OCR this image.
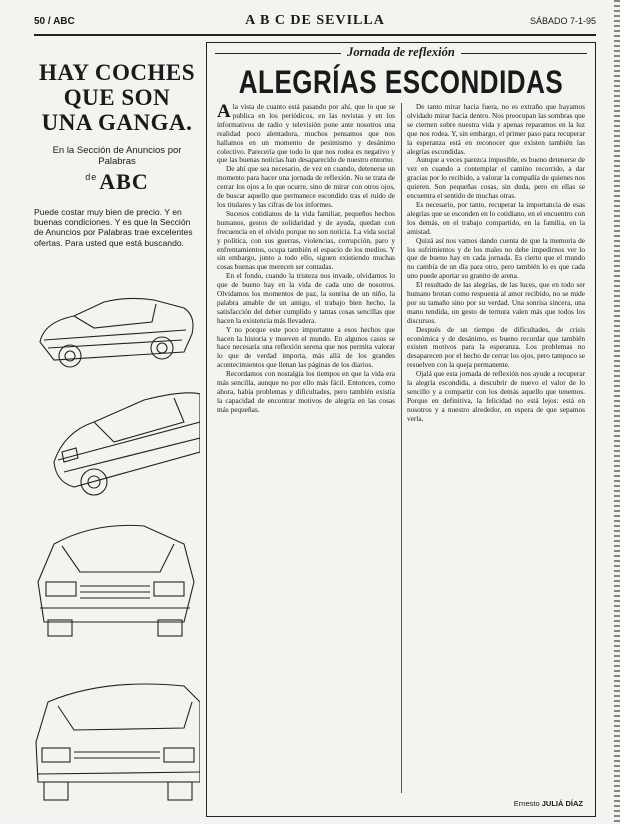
50 / ABC	A B C DE SEVILLA	SÁBADO 7-1-95
HAY COCHES
QUE SON
UNA GANGA.
En la Sección de Anuncios por Palabras
$^{de}$ABC
Puede costar muy bien de precio. Y en buenas condiciones. Y es que la Sección de Anuncios por Palabras trae excelentes ofertas. Para usted que está buscando.
Jornada de reflexión
ALEGRÍAS ESCONDIDAS

Ala vista de cuanto está pasando por ahí, que lo que se publica en los periódicos, en las revistas y en los informativos de radio y televisión pone ante nosotros una realidad poco alentadora, muchos pensamos que nos hallamos en un momento de pesimismo y desánimo colectivo. Parecería que todo lo que nos rodea es negativo y que las buenas noticias han desaparecido de nuestro entorno.

De ahí que sea necesario, de vez en cuando, detenerse un momento para hacer una jornada de reflexión. No se trata de cerrar los ojos a lo que ocurre, sino de mirar con otros ojos, de buscar aquello que permanece escondido tras el ruido de los titulares y las cifras de los informes.

Sucesos cotidianos de la vida familiar, pequeños hechos humanos, gestos de solidaridad y de ayuda, quedan con frecuencia en el olvido porque no son noticia. La vida social y política, con sus guerras, violencias, corrupción, paro y enfrentamientos, ocupa también el espacio de los medios. Y sin embargo, junto a todo ello, siguen existiendo muchas cosas buenas que merecen ser contadas.

En el fondo, cuando la tristeza nos invade, olvidamos lo que de bueno hay en la vida de cada uno de nosotros. Olvidamos los momentos de paz, la sonrisa de un niño, la palabra amable de un amigo, el trabajo bien hecho, la satisfacción del deber cumplido y tantas cosas sencillas que hacen la existencia más llevadera.

Y no porque este poco importante a esos hechos que hacen la historia y mueven el mundo. En algunos casos se hace necesaria una reflexión serena que nos permita valorar lo que de verdad importa, más allá de los grandes acontecimientos que llenan las páginas de los diarios.

Recordamos con nostalgia los tiempos en que la vida era más sencilla, aunque no por ello más fácil. Entonces, como ahora, había problemas y dificultades, pero también existía la capacidad de encontrar motivos de alegría en las cosas más pequeñas.

De tanto mirar hacia fuera, no es extraño que hayamos olvidado mirar hacia dentro. Nos preocupan las sombras que se ciernen sobre nuestra vida y apenas reparamos en la luz que nos rodea. Y, sin embargo, el primer paso para recuperar la esperanza está en reconocer que existen también las alegrías escondidas.

Aunque a veces parezca imposible, es bueno detenerse de vez en cuando a contemplar el camino recorrido, a dar gracias por lo recibido, a valorar la compañía de quienes nos quieren. Son pequeñas cosas, sin duda, pero en ellas se encuentra el sentido de muchas otras.

Es necesario, por tanto, recuperar la importancia de esas alegrías que se esconden en lo cotidiano, en el encuentro con los demás, en el trabajo compartido, en la familia, en la amistad.

Quizá así nos vamos dando cuenta de que la memoria de los sufrimientos y de los males no debe impedirnos ver lo que de bueno hay en cada jornada. Es cierto que el mundo no cambia de un día para otro, pero también lo es que cada uno puede aportar su granito de arena.

El resultado de las alegrías, de las luces, que en todo ser humano brotan como respuesta al amor recibido, no se mide por su tamaño sino por su verdad. Una sonrisa sincera, una mano tendida, un gesto de ternura valen más que todos los discursos.

Después de un tiempo de dificultades, de crisis económica y de desánimo, es bueno recordar que también existen motivos para la esperanza. Los problemas no desaparecen por el hecho de cerrar los ojos, pero tampoco se resuelven con la queja permanente.

Ojalá que esta jornada de reflexión nos ayude a recuperar la alegría escondida, a descubrir de nuevo el valor de lo sencillo y a compartir con los demás aquello que tenemos. Porque en definitiva, la felicidad no está lejos: está en nosotros y a nuestro alrededor, en espera de que sepamos verla.

Ernesto JULIÁ DÍAZ
